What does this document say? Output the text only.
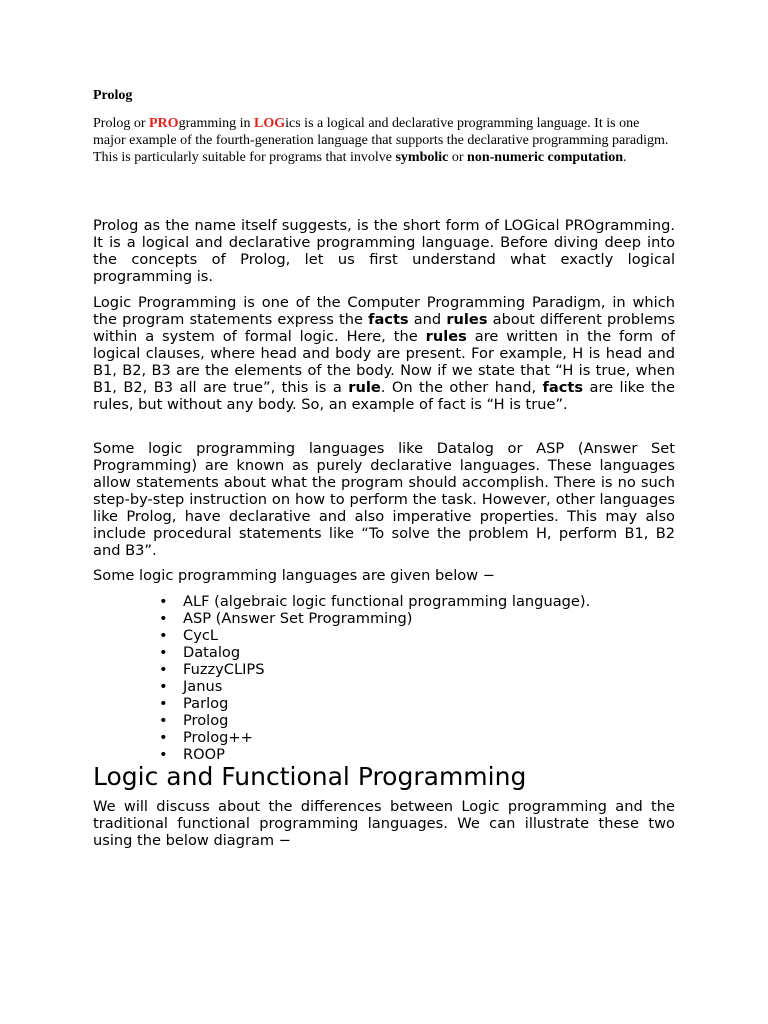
Prolog

Prolog or PROgramming in LOGics is a logical and declarative programming language. It is one major example of the fourth-generation language that supports the declarative programming paradigm. This is particularly suitable for programs that involve symbolic or non-numeric computation.

Prolog as the name itself suggests, is the short form of LOGical PROgramming. It is a logical and declarative programming language. Before diving deep into the concepts of Prolog, let us first understand what exactly logical programming is.

Logic Programming is one of the Computer Programming Paradigm, in which the program statements express the facts and rules about different problems within a system of formal logic. Here, the rules are written in the form of logical clauses, where head and body are present. For example, H is head and B1, B2, B3 are the elements of the body. Now if we state that “H is true, when B1, B2, B3 all are true”, this is a rule. On the other hand, facts are like the rules, but without any body. So, an example of fact is “H is true”.

Some logic programming languages like Datalog or ASP (Answer Set Programming) are known as purely declarative languages. These languages allow statements about what the program should accomplish. There is no such step-by-step instruction on how to perform the task. However, other languages like Prolog, have declarative and also imperative properties. This may also include procedural statements like “To solve the problem H, perform B1, B2 and B3”.

Some logic programming languages are given below −

• ALF (algebraic logic functional programming language).
• ASP (Answer Set Programming)
• CycL
• Datalog
• FuzzyCLIPS
• Janus
• Parlog
• Prolog
• Prolog++
• ROOP
Logic and Functional Programming

We will discuss about the differences between Logic programming and the traditional functional programming languages. We can illustrate these two using the below diagram −
